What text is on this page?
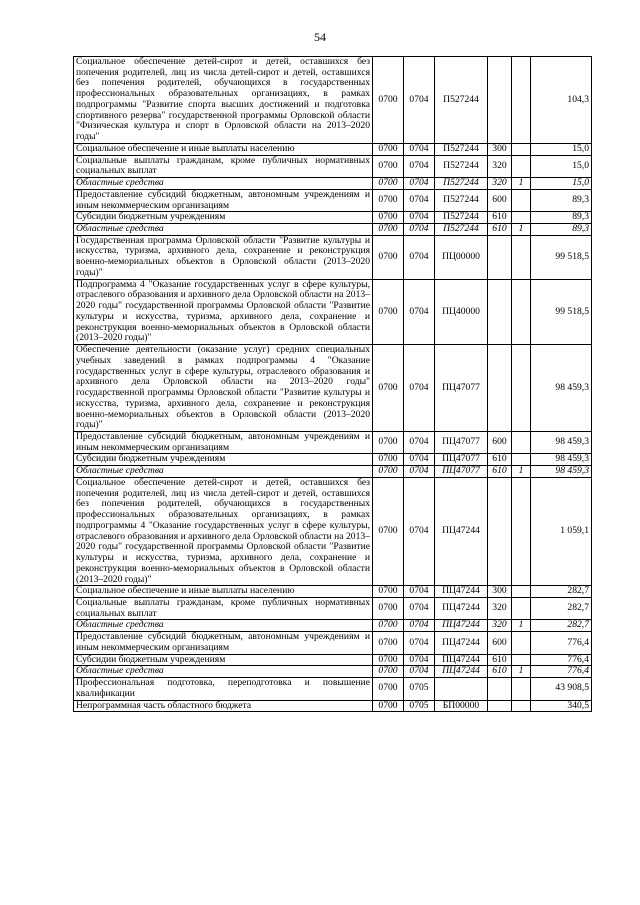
54
Социальное обеспечение детей-сирот и детей, оставшихся без попечения родителей, лиц из числа детей-сирот и детей, оставшихся без попечения родителей, обучающихся в государственных профессиональных образовательных организациях, в рамках подпрограммы "Развитие спорта высших достижений и подготовка спортивного резерва" государственной программы Орловской области "Физическая культура и спорт в Орловской области на 2013–2020 годы"	0700	0704	П527244			104,3
Социальное обеспечение и иные выплаты населению	0700	0704	П527244	300		15,0
Социальные выплаты гражданам, кроме публичных нормативных социальных выплат	0700	0704	П527244	320		15,0
Областные средства	0700	0704	П527244	320	1	15,0
Предоставление субсидий бюджетным, автономным учреждениям и иным некоммерческим организациям	0700	0704	П527244	600		89,3
Субсидии бюджетным учреждениям	0700	0704	П527244	610		89,3
Областные средства	0700	0704	П527244	610	1	89,3
Государственная программа Орловской области "Развитие культуры и искусства, туризма, архивного дела, сохранение и реконструкция военно-мемориальных объектов в Орловской области (2013–2020 годы)"	0700	0704	ПЦ00000			99 518,5
Подпрограмма 4 "Оказание государственных услуг в сфере культуры, отраслевого образования и архивного дела Орловской области на 2013–2020 годы" государственной программы Орловской области "Развитие культуры и искусства, туризма, архивного дела, сохранение и реконструкция военно-мемориальных объектов в Орловской области (2013–2020 годы)"	0700	0704	ПЦ40000			99 518,5
Обеспечение деятельности (оказание услуг) средних специальных учебных заведений в рамках подпрограммы 4 "Оказание государственных услуг в сфере культуры, отраслевого образования и архивного дела Орловской области на 2013–2020 годы" государственной программы Орловской области "Развитие культуры и искусства, туризма, архивного дела, сохранение и реконструкция военно-мемориальных объектов в Орловской области (2013–2020 годы)"	0700	0704	ПЦ47077			98 459,3
Предоставление субсидий бюджетным, автономным учреждениям и иным некоммерческим организациям	0700	0704	ПЦ47077	600		98 459,3
Субсидии бюджетным учреждениям	0700	0704	ПЦ47077	610		98 459,3
Областные средства	0700	0704	ПЦ47077	610	1	98 459,3
Социальное обеспечение детей-сирот и детей, оставшихся без попечения родителей, лиц из числа детей-сирот и детей, оставшихся без попечения родителей, обучающихся в государственных профессиональных образовательных организациях, в рамках подпрограммы 4 "Оказание государственных услуг в сфере культуры, отраслевого образования и архивного дела Орловской области на 2013–2020 годы" государственной программы Орловской области "Развитие культуры и искусства, туризма, архивного дела, сохранение и реконструкция военно-мемориальных объектов в Орловской области (2013–2020 годы)"	0700	0704	ПЦ47244			1 059,1
Социальное обеспечение и иные выплаты населению	0700	0704	ПЦ47244	300		282,7
Социальные выплаты гражданам, кроме публичных нормативных социальных выплат	0700	0704	ПЦ47244	320		282,7
Областные средства	0700	0704	ПЦ47244	320	1	282,7
Предоставление субсидий бюджетным, автономным учреждениям и иным некоммерческим организациям	0700	0704	ПЦ47244	600		776,4
Субсидии бюджетным учреждениям	0700	0704	ПЦ47244	610		776,4
Областные средства	0700	0704	ПЦ47244	610	1	776,4
Профессиональная подготовка, переподготовка и повышение квалификации	0700	0705				43 908,5
Непрограммная часть областного бюджета	0700	0705	БП00000			340,5
